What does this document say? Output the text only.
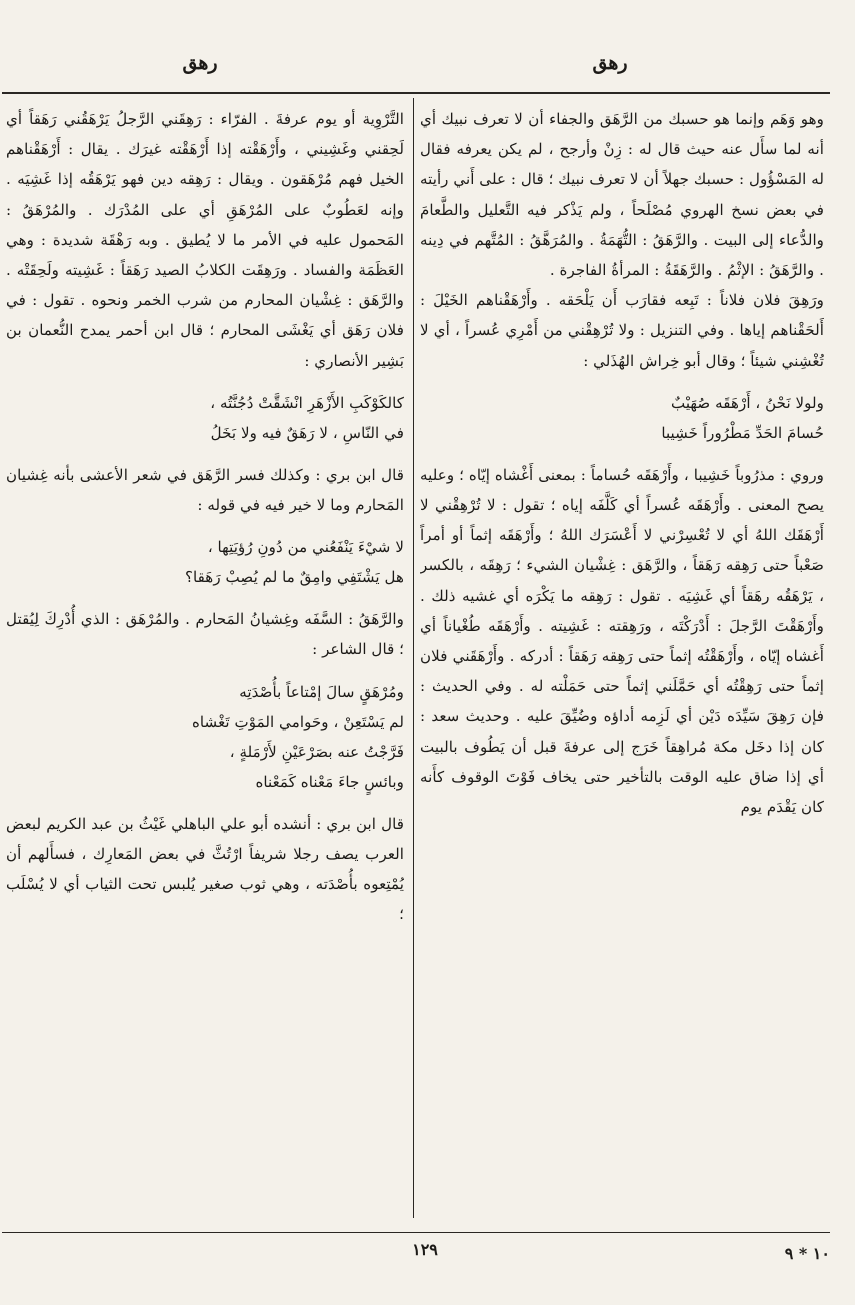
رهق
رهق

وهو وَهَم وإنما هو حسبك من الرَّهَق والجفاء أن لا تعرف نبيك أي أنه لما سأَل عنه حيث قال له : زِنْ وأرجح ، لم يكن يعرفه فقال له المَسْؤُول : حسبك جهلاً أن لا تعرف نبيك ؛ قال : على أَني رأيته في بعض نسخ الهروي مُصْلَحاً ، ولم يَذْكر فيه التَّعليل والطَّعامَ والدُّعاء إلى البيت . والرَّهَقُ : التُّهَمَةُ . والمُرَهَّقُ : المُتَّهم في دِينه . والرَّهَقُ : الإثْمُ . والرَّهَقَةُ : المرأةُ الفاجرة .

ورَهِقَ فلان فلاناً : تَبِعه فقارَب أَن يَلْحَقه . وأَرْهَقْناهم الخَيْلَ : أَلحَقْناهم إياها . وفي التنزيل : ولا تُرْهِقْني من أَمْرِي عُسراً ، أي لا تُغْشِني شيئاً ؛ وقال أبو خِراش الهُذَلي :

ولولا نَحْنُ ، أَرْهَقَه صُهَيْبٌ

حُسامَ الحَدِّ مَطْرُوراً خَشِيبا

وروي : مذرُوباً خَشِيبا ، وأَرْهَقَه حُساماً : بمعنى أَغْشاه إيّاه ؛ وعليه يصح المعنى . وأَرْهَقَه عُسراً أي كَلَّفَه إياه ؛ تقول : لا تُرْهِقْني لا أَرْهَقَك اللهُ أي لا تُعْسِرْني لا أَعْسَرَك اللهُ ؛ وأَرْهَقَه إثماً أو أمراً صَعْباً حتى رَهِقه رَهَقاً ، والرَّهَق : غِشْيان الشيء ؛ رَهِقَه ، بالكسر ، يَرْهَقُه رهَقاً أي غَشِيَه . تقول : رَهِقه ما يَكْرَه أي غشيه ذلك . وأَرْهَقْتَ الرَّجلَ : أَدْرَكْتَه ، ورَهِقته : غَشِيته . وأَرْهَقَه طُغْياناً أي أَغشاه إيّاه ، وأَرْهَقْتُه إثماً حتى رَهِقه رَهَقاً : أدركه . وأَرْهَقَني فلان إثماً حتى رَهِقْتُه أي حَمَّلَني إثماً حتى حَمَلْته له . وفي الحديث : فإن رَهِقَ سَيِّدَه دَيْن أي لَزِمه أداؤه وضُيِّقَ عليه . وحديث سعد : كان إذا دخَل مكة مُراهِقاً خَرَج إلى عرفةَ قبل أن يَطُوف بالبيت أي إذا ضاق عليه الوقت بالتأخير حتى يخاف فَوْتَ الوقوف كأَنه كان يَقْدَم يوم

التَّرْوِية أو يوم عرفةَ . الفرّاء : رَهِقَني الرَّجلُ يَرْهَقُني رَهَقاً أي لَحِقني وغَشِيني ، وأَرْهَقْته إذا أَرْهَقْته غيرَك . يقال : أَرْهَقْناهم الخيل فهم مُرْهَقون . ويقال : رَهِقه دين فهو يَرْهَقُه إذا غَشِيَه . وإنه لعَطُوبٌ على المُرْهَقِ أي على المُدْرَك . والمُرْهَقُ : المَحمول عليه في الأمر ما لا يُطيق . وبه رَهْقَة شديدة : وهي العَظَمَة والفساد . ورَهِقَت الكلابُ الصيد رَهَقاً : غَشِيته ولَحِقَتْه . والرَّهَق : غِشْيان المحارم من شرب الخمر ونحوه . تقول : في فلان رَهَق أي يَغْشَى المحارم ؛ قال ابن أحمر يمدح النُّعمان بن بَشِير الأنصاري :

كالكَوْكَبِ الأَزْهَرِ انْشَقَّتْ دُجُنَّتُه ،

في النّاسِ ، لا رَهَقٌ فيه ولا بَخَلُ

قال ابن بري : وكذلك فسر الرَّهَق في شعر الأعشى بأنه غِشيان المَحارم وما لا خير فيه في قوله :

لا شيْءَ يَنْفَعُني من دُونِ رُؤيَتِها ،

هل يَشْتَفِي وامِقٌ ما لم يُصِبْ رَهَقا؟

والرَّهَقُ : السَّفَه وغِشيانُ المَحارم . والمُرْهَق : الذي أُدْرِكَ لِيُقتل ؛ قال الشاعر :

ومُرْهَقٍ سالَ إمْتاعاً بأُصْدَتِه

لم يَسْتَعِنْ ، وحَوامي المَوْتِ تَغْشاه

فَرَّجْتُ عنه بصَرْعَيْنِ لأَرْمَلةٍ ،

وبائسٍ جاءَ مَعْناه كَمَعْناه

قال ابن بري : أنشده أبو علي الباهلي غَيْثُ بن عبد الكريم لبعض العرب يصف رجلا شريفاً ارْتُثَّ في بعض المَعارِك ، فسأَلهم أن يُمْتِعوه بأُصْدَته ، وهي ثوب صغير يُلبس تحت الثياب أي لا يُسْلَب ؛

١٢٩	۹ * ۱۰
